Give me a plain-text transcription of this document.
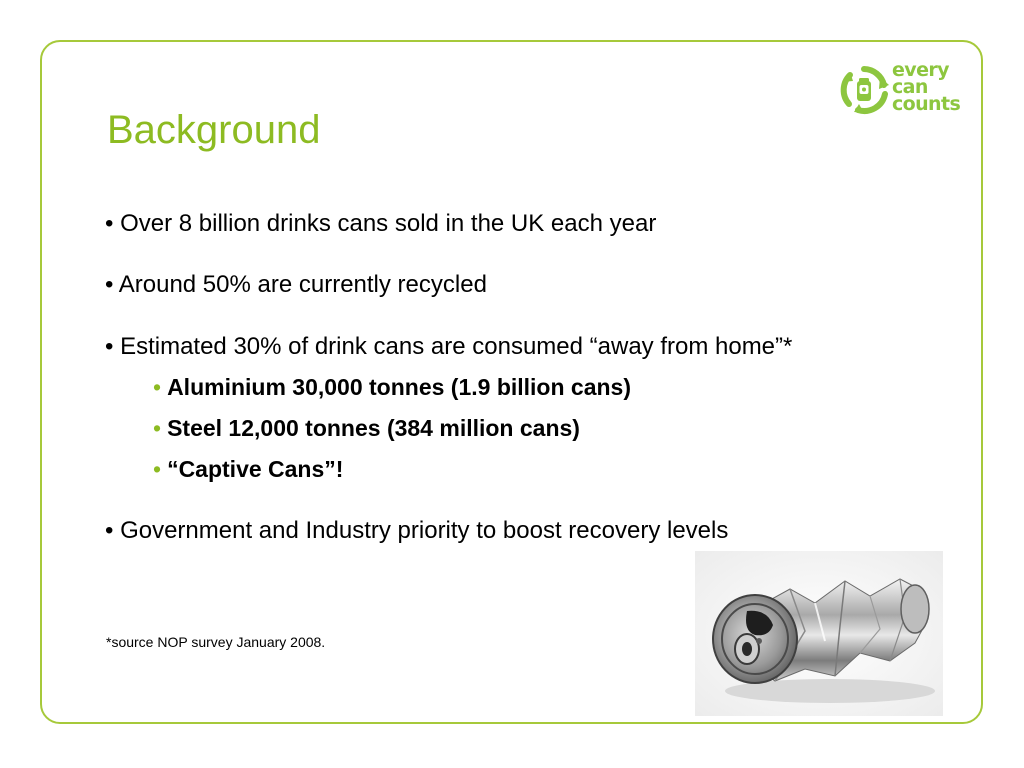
every
can
counts
Background
• Over 8 billion drinks cans sold in the UK each year
• Around 50% are currently recycled
• Estimated 30% of drink cans are consumed “away from home”*
• Aluminium 30,000 tonnes (1.9 billion cans)
• Steel 12,000 tonnes (384 million cans)
• “Captive Cans”!
• Government and Industry priority to boost recovery levels
*source NOP survey January 2008.
